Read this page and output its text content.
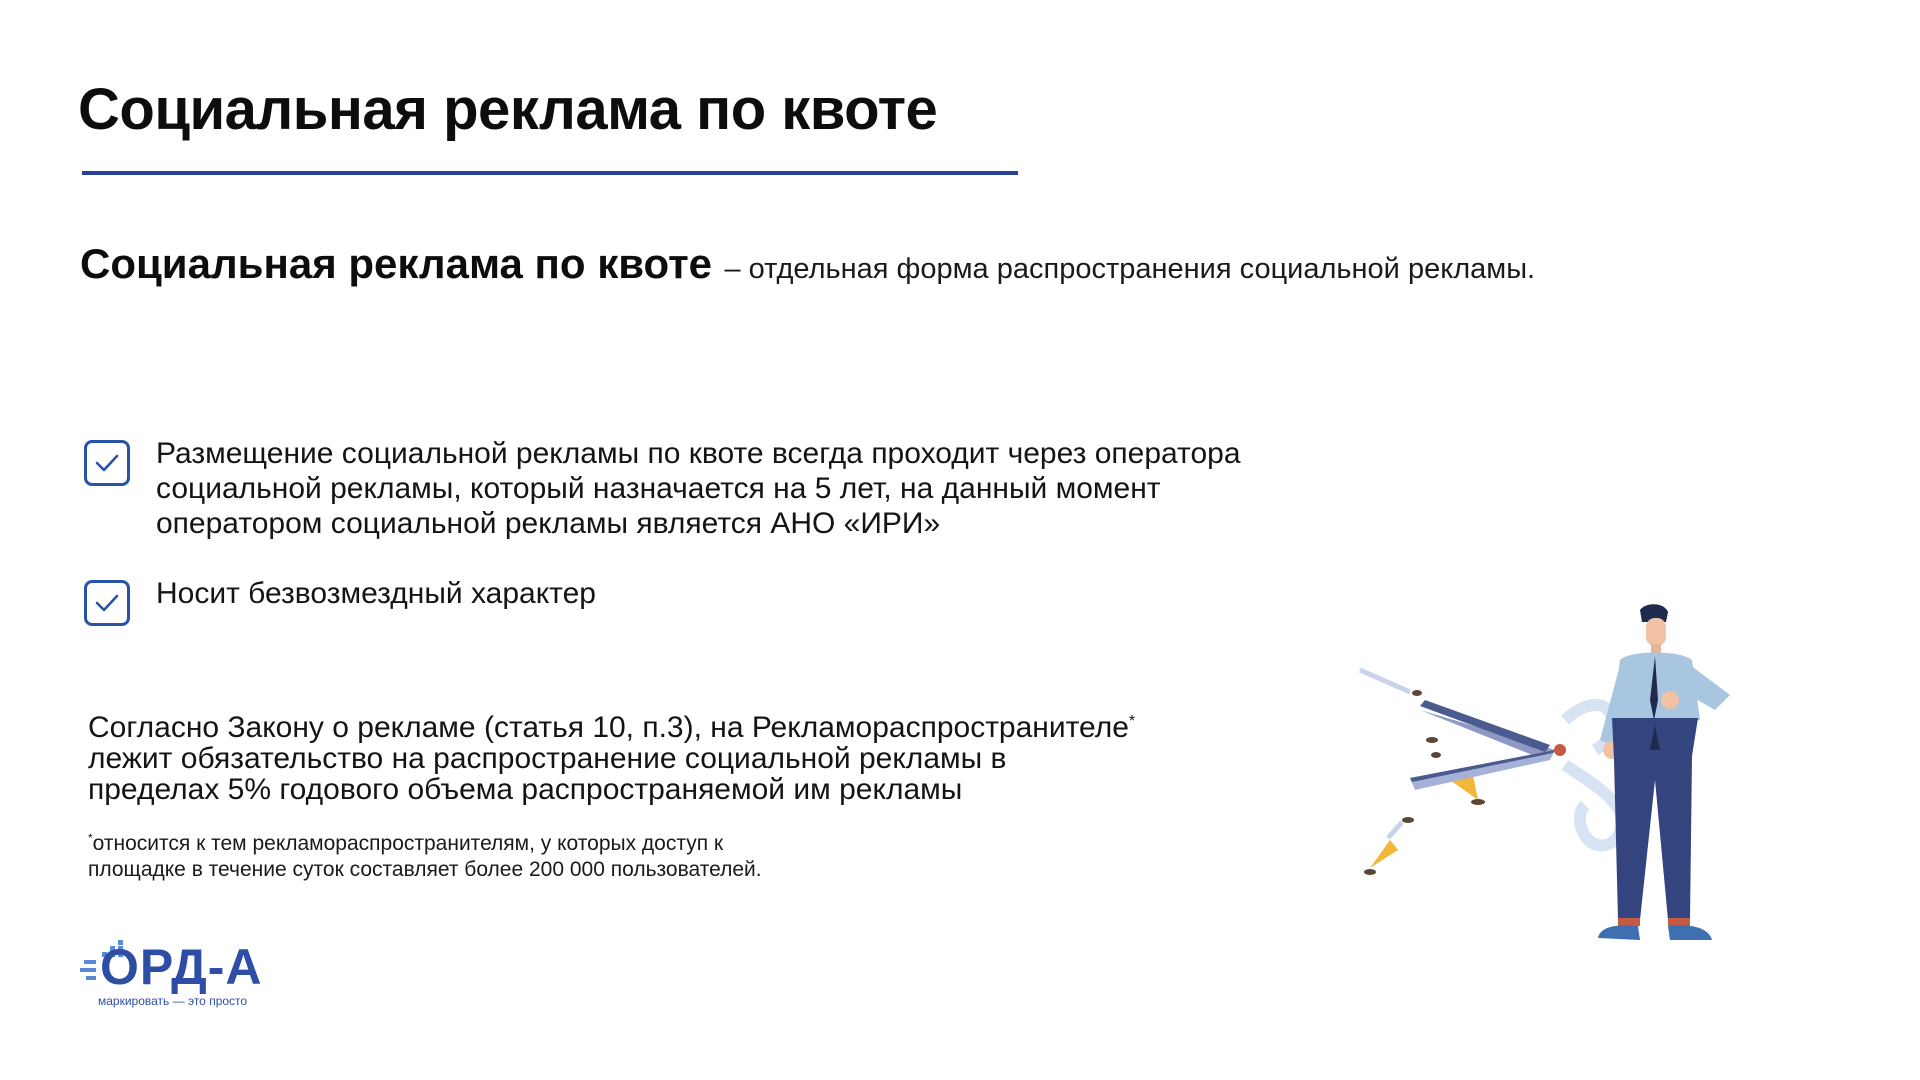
Социальная реклама по квоте
Социальная реклама по квоте – отдельная форма распространения социальной рекламы.
Размещение социальной рекламы по квоте всегда проходит через оператора
социальной рекламы, который назначается на 5 лет, на данный момент
оператором социальной рекламы является АНО «ИРИ»
Носит безвозмездный характер
Согласно Закону о рекламе (статья 10, п.3), на Рекламораспространителе*
лежит обязательство на распространение социальной рекламы в
пределах 5% годового объема распространяемой им рекламы
*относится к тем рекламораспространителям, у которых доступ к
площадке в течение суток составляет более 200 000 пользователей.
ОРД-А
маркировать — это просто
